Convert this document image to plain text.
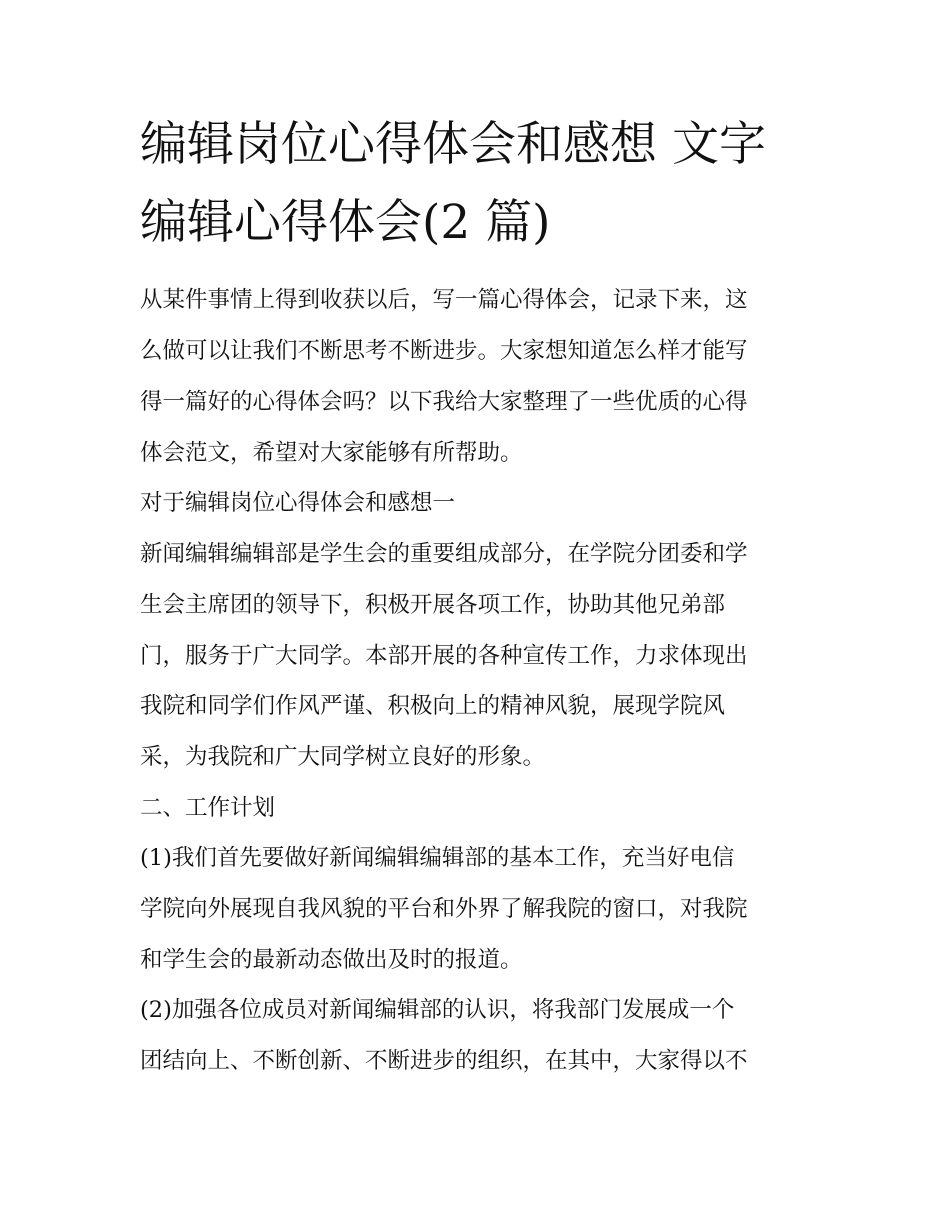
编辑岗位心得体会和感想 文字
编辑心得体会(2 篇)

从某件事情上得到收获以后，写一篇心得体会，记录下来，这

么做可以让我们不断思考不断进步。大家想知道怎么样才能写

得一篇好的心得体会吗？以下我给大家整理了一些优质的心得

体会范文，希望对大家能够有所帮助。

对于编辑岗位心得体会和感想一

新闻编辑编辑部是学生会的重要组成部分，在学院分团委和学

生会主席团的领导下，积极开展各项工作，协助其他兄弟部

门，服务于广大同学。本部开展的各种宣传工作，力求体现出

我院和同学们作风严谨、积极向上的精神风貌，展现学院风

采，为我院和广大同学树立良好的形象。

二、工作计划

(1)我们首先要做好新闻编辑编辑部的基本工作，充当好电信

学院向外展现自我风貌的平台和外界了解我院的窗口，对我院

和学生会的最新动态做出及时的报道。

(2)加强各位成员对新闻编辑部的认识，将我部门发展成一个

团结向上、不断创新、不断进步的组织，在其中，大家得以不
